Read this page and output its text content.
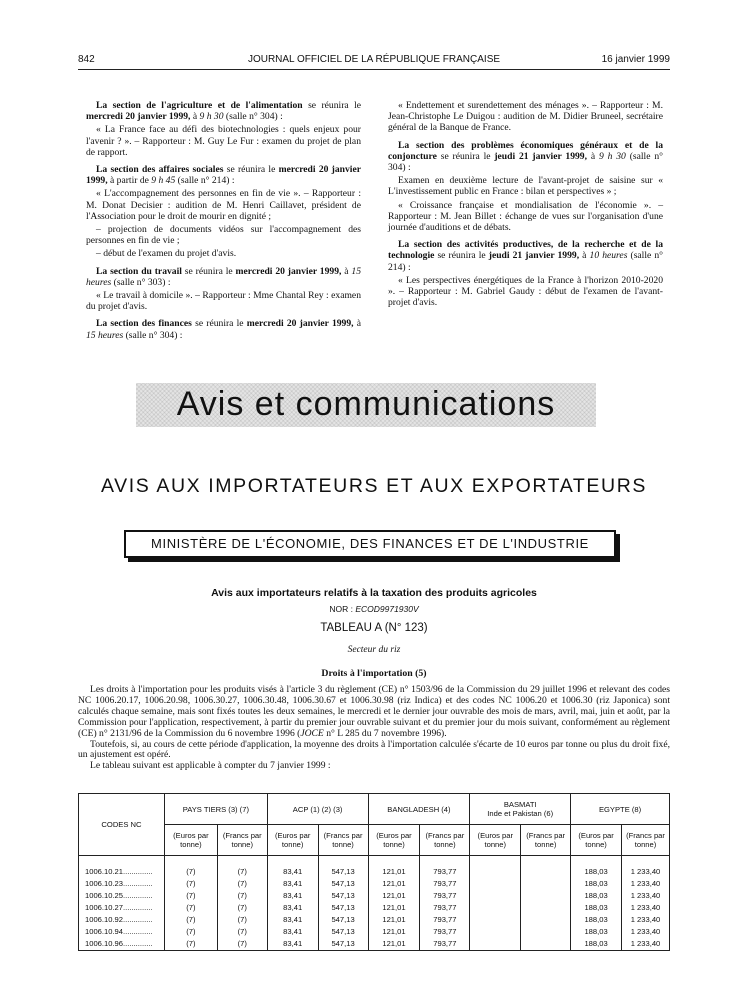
842	JOURNAL OFFICIEL DE LA RÉPUBLIQUE FRANÇAISE	16 janvier 1999

La section de l'agriculture et de l'alimentation se réunira le mercredi 20 janvier 1999, à 9 h 30 (salle n° 304) :

« La France face au défi des biotechnologies : quels enjeux pour l'avenir ? ». – Rapporteur : M. Guy Le Fur : examen du projet de plan de rapport.

La section des affaires sociales se réunira le mercredi 20 janvier 1999, à partir de 9 h 45 (salle n° 214) :

« L'accompagnement des personnes en fin de vie ». – Rapporteur : M. Donat Decisier : audition de M. Henri Caillavet, président de l'Association pour le droit de mourir en dignité ;

– projection de documents vidéos sur l'accompagnement des personnes en fin de vie ;

– début de l'examen du projet d'avis.

La section du travail se réunira le mercredi 20 janvier 1999, à 15 heures (salle n° 303) :

« Le travail à domicile ». – Rapporteur : Mme Chantal Rey : examen du projet d'avis.

La section des finances se réunira le mercredi 20 janvier 1999, à 15 heures (salle n° 304) :

« Endettement et surendettement des ménages ». – Rapporteur : M. Jean-Christophe Le Duigou : audition de M. Didier Bruneel, secrétaire général de la Banque de France.

La section des problèmes économiques généraux et de la conjoncture se réunira le jeudi 21 janvier 1999, à 9 h 30 (salle n° 304) :

Examen en deuxième lecture de l'avant-projet de saisine sur « L'investissement public en France : bilan et perspectives » ;

« Croissance française et mondialisation de l'économie ». – Rapporteur : M. Jean Billet : échange de vues sur l'organisation d'une journée d'auditions et de débats.

La section des activités productives, de la recherche et de la technologie se réunira le jeudi 21 janvier 1999, à 10 heures (salle n° 214) :

« Les perspectives énergétiques de la France à l'horizon 2010-2020 ». – Rapporteur : M. Gabriel Gaudy : début de l'examen de l'avant-projet d'avis.

Avis et communications
AVIS AUX IMPORTATEURS ET AUX EXPORTATEURS
MINISTÈRE DE L'ÉCONOMIE, DES FINANCES ET DE L'INDUSTRIE
Avis aux importateurs relatifs à la taxation des produits agricoles
NOR : ECOD9971930V
TABLEAU A (N° 123)
Secteur du riz
Droits à l'importation (5)

Les droits à l'importation pour les produits visés à l'article 3 du règlement (CE) n° 1503/96 de la Commission du 29 juillet 1996 et relevant des codes NC 1006.20.17, 1006.20.98, 1006.30.27, 1006.30.48, 1006.30.67 et 1006.30.98 (riz Indica) et des codes NC 1006.20 et 1006.30 (riz Japonica) sont calculés chaque semaine, mais sont fixés toutes les deux semaines, le mercredi et le dernier jour ouvrable des mois de mars, avril, mai, juin et août, par la Commission pour l'application, respectivement, à partir du premier jour ouvrable suivant et du premier jour du mois suivant, conformément au règlement (CE) n° 2131/96 de la Commission du 6 novembre 1996 (JOCE n° L 285 du 7 novembre 1996).

Toutefois, si, au cours de cette période d'application, la moyenne des droits à l'importation calculée s'écarte de 10 euros par tonne ou plus du droit fixé, un ajustement est opéré.

Le tableau suivant est applicable à compter du 7 janvier 1999 :

CODES NC	PAYS TIERS (3) (7)		ACP (1) (2) (3)		BANGLADESH (4)		BASMATI
Inde et Pakistan (6)		EGYPTE (8)	

	(Euros par tonne)	(Francs par tonne)	(Euros par tonne)	(Francs par tonne)	(Euros par tonne)	(Francs par tonne)	(Euros par tonne)	(Francs par tonne)	(Euros par tonne)	(Francs par tonne)

1006.10.21..............	(7)	(7)	83,41	547,13	121,01	793,77			188,03	1 233,40
1006.10.23..............	(7)	(7)	83,41	547,13	121,01	793,77			188,03	1 233,40
1006.10.25..............	(7)	(7)	83,41	547,13	121,01	793,77			188,03	1 233,40
1006.10.27..............	(7)	(7)	83,41	547,13	121,01	793,77			188,03	1 233,40
1006.10.92..............	(7)	(7)	83,41	547,13	121,01	793,77			188,03	1 233,40
1006.10.94..............	(7)	(7)	83,41	547,13	121,01	793,77			188,03	1 233,40
1006.10.96..............	(7)	(7)	83,41	547,13	121,01	793,77			188,03	1 233,40
